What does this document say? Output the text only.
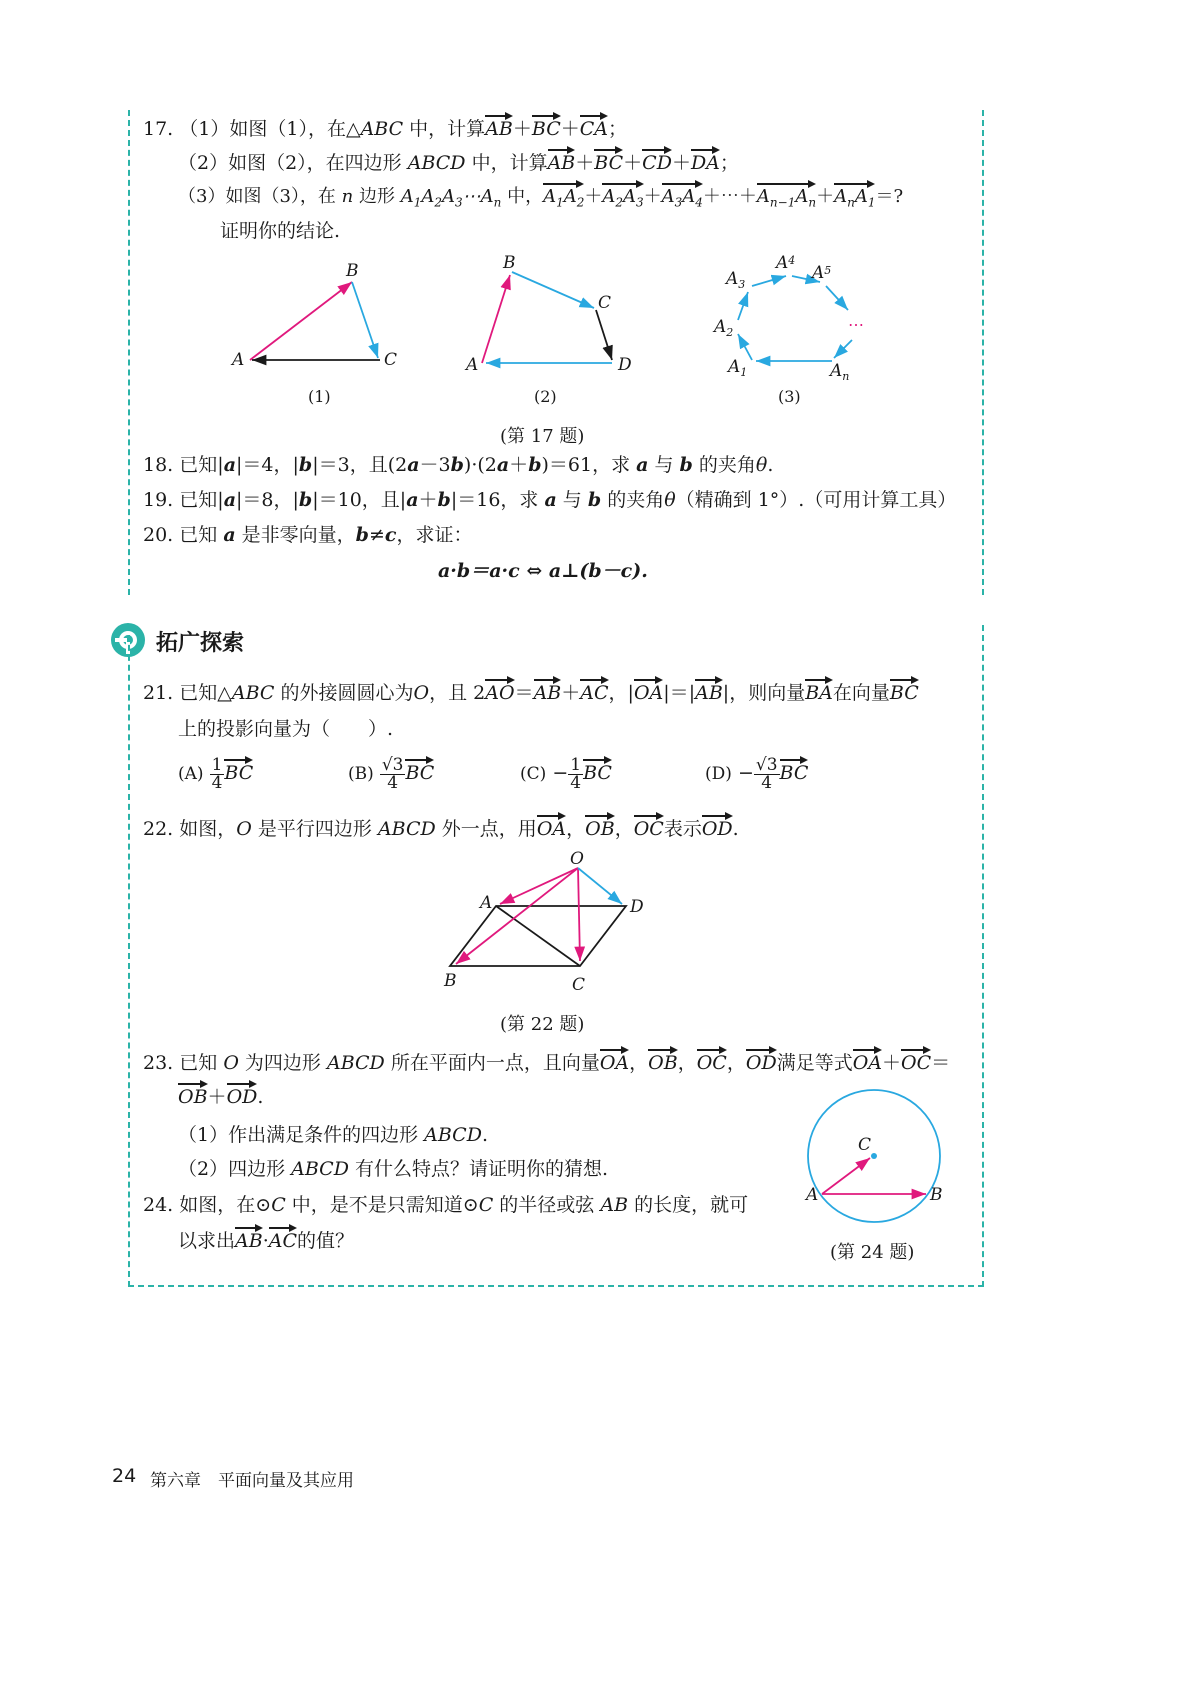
17. （1）如图（1），在△ABC 中，计算AB＋BC＋CA；
（2）如图（2），在四边形 ABCD 中，计算AB＋BC＋CD＋DA；
（3）如图（3），在 n 边形 $A_1A_2A_3\cdots A_n$ 中，$A_1A_2+A_2A_3+A_3A_4+\cdots+A_{n-1}A_n+A_nA_1=$?
证明你的结论.
A
B
C	A
B
C
D
⋯
$A_1$
$A_2$
$A_3$
$A^4$
$A^5$
$A_n$
(1)	(2)	(3)
(第 17 题)
18. 已知|a|＝4，|b|＝3，且(2a－3b)·(2a＋b)＝61，求 a 与 b 的夹角θ.
19. 已知|a|＝8，|b|＝10，且|a＋b|＝16，求 a 与 b 的夹角θ（精确到 1°）.（可用计算工具）
20. 已知 a 是非零向量，b≠c，求证：
a·b＝a·c ⇔ a⊥(b－c).
拓广探索
21. 已知△ABC 的外接圆圆心为O，且 2AO＝AB＋AC，|OA|＝|AB|，则向量BA在向量BC
上的投影向量为（　　）.
$(A) \frac{1}{4}$ BC	$(B) \frac{√3}{4}$ BC	$(C) - \frac{1}{4}$ BC	$(D) - \frac{√3}{4}$ BC
22. 如图，O 是平行四边形 ABCD 外一点，用OA，OB，OC表示OD.
O
A	D
B	C
(第 22 题)
23. 已知 O 为四边形 ABCD 所在平面内一点，且向量OA，OB，OC，OD满足等式OA＋OC＝
OB＋OD.
（1）作出满足条件的四边形 ABCD.
（2）四边形 ABCD 有什么特点？请证明你的猜想.
24. 如图，在⊙C 中，是不是只需知道⊙C 的半径或弦 AB 的长度，就可
以求出AB·AC的值？
A	B
C
(第 24 题)
24 第六章　平面向量及其应用
